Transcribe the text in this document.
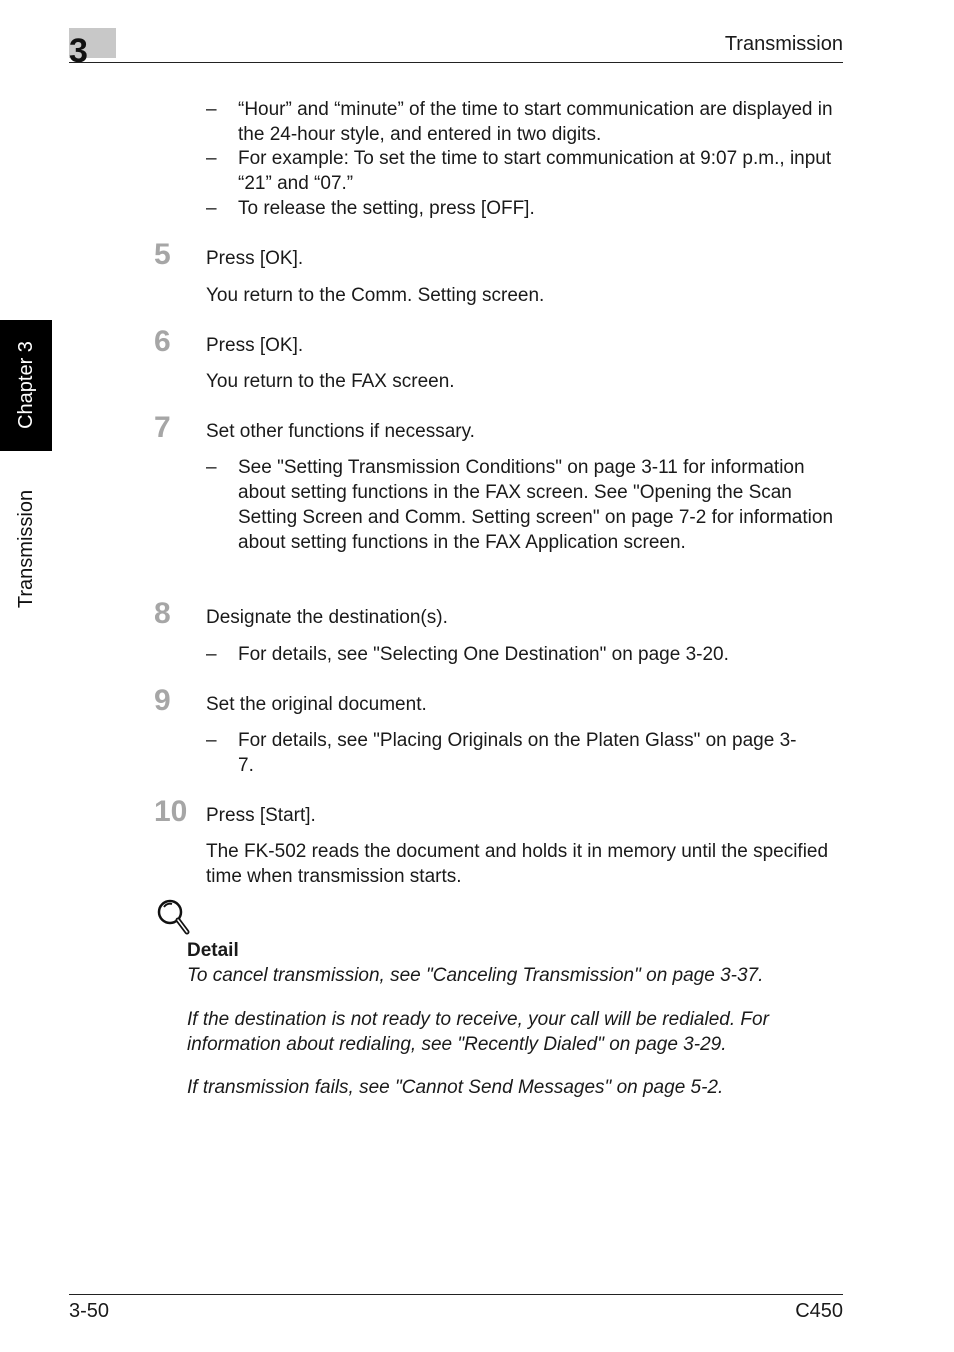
3	Transmission
Chapter 3
Transmission
– “Hour” and “minute” of the time to start communication are displayed in the 24-hour style, and entered in two digits.
– For example: To set the time to start communication at 9:07 p.m., input “21” and “07.”
– To release the setting, press [OFF].
5 Press [OK].
You return to the Comm. Setting screen.
6 Press [OK].
You return to the FAX screen.
7 Set other functions if necessary.
– See "Setting Transmission Conditions" on page 3-11 for information about setting functions in the FAX screen. See "Opening the Scan Setting Screen and Comm. Setting screen" on page 7-2 for information about setting functions in the FAX Application screen.
8 Designate the destination(s).
– For details, see "Selecting One Destination" on page 3-20.
9 Set the original document.
– For details, see "Placing Originals on the Platen Glass" on page 3-7.
10 Press [Start].
The FK-502 reads the document and holds it in memory until the specified time when transmission starts.
Detail
To cancel transmission, see "Canceling Transmission" on page 3-37.
If the destination is not ready to receive, your call will be redialed. For information about redialing, see "Recently Dialed" on page 3-29.
If transmission fails, see "Cannot Send Messages" on page 5-2.
3-50	C450
